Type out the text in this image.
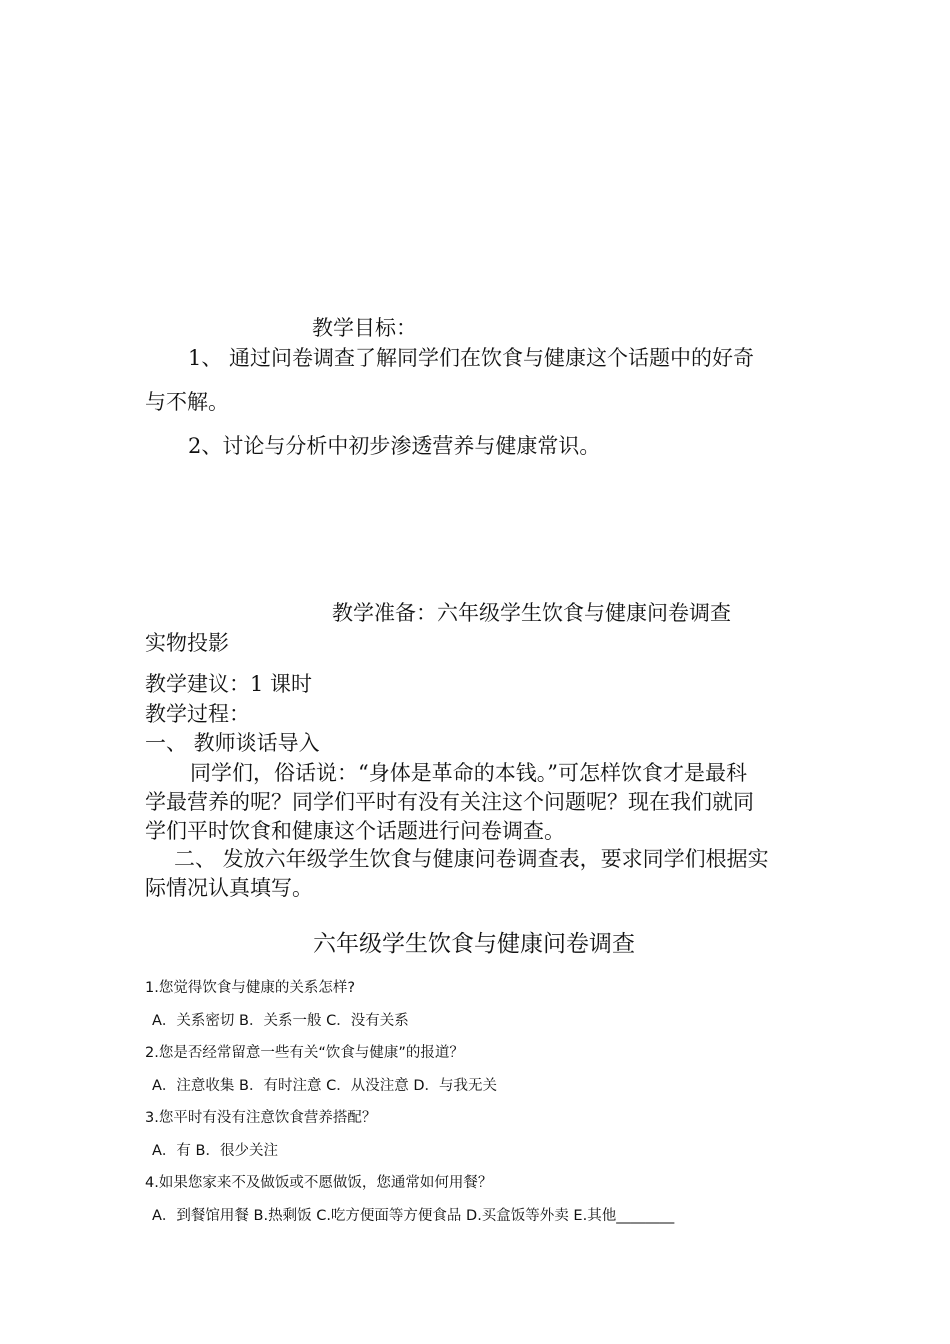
教学目标：
1、 通过问卷调查了解同学们在饮食与健康这个话题中的好奇
与不解。
2、讨论与分析中初步渗透营养与健康常识。
教学准备：六年级学生饮食与健康问卷调查
实物投影
教学建议：1 课时
教学过程：
一、 教师谈话导入
同学们，俗话说：“身体是革命的本钱。”可怎样饮食才是最科
学最营养的呢？同学们平时有没有关注这个问题呢？现在我们就同
学们平时饮食和健康这个话题进行问卷调查。
二、 发放六年级学生饮食与健康问卷调查表，要求同学们根据实
际情况认真填写。
六年级学生饮食与健康问卷调查
1.您觉得饮食与健康的关系怎样?
A．关系密切 B．关系一般 C．没有关系
2.您是否经常留意一些有关“饮食与健康”的报道？
A．注意收集 B．有时注意 C．从没注意 D．与我无关
3.您平时有没有注意饮食营养搭配？
A．有 B．很少关注
4.如果您家来不及做饭或不愿做饭，您通常如何用餐？
A．到餐馆用餐 B.热剩饭 C.吃方便面等方便食品 D.买盒饭等外卖 E.其他________
